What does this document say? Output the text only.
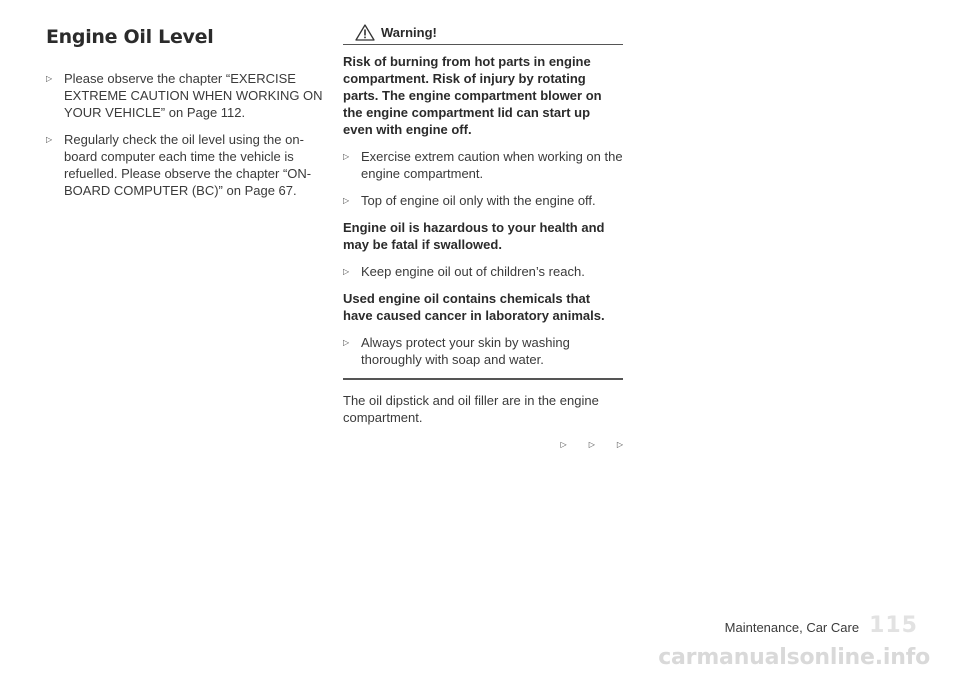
Engine Oil Level
▷ Please observe the chapter “EXERCISE EXTREME CAUTION WHEN WORKING ON YOUR VEHICLE” on Page 112.
▷ Regularly check the oil level using the on-board computer each time the vehicle is refuelled. Please observe the chapter “ON-BOARD COMPUTER (BC)” on Page 67.
Warning!

Risk of burning from hot parts in engine compartment. Risk of injury by rotating parts. The engine compartment blower on the engine compartment lid can start up even with engine off.

▷ Exercise extrem caution when working on the engine compartment.
▷ Top of engine oil only with the engine off.

Engine oil is hazardous to your health and may be fatal if swallowed.

▷ Keep engine oil out of children’s reach.

Used engine oil contains chemicals that have caused cancer in laboratory animals.

▷ Always protect your skin by washing thoroughly with soap and water.

The oil dipstick and oil filler are in the engine compartment.

▷	▷	▷
Maintenance, Car Care 115
carmanualsonline.info
